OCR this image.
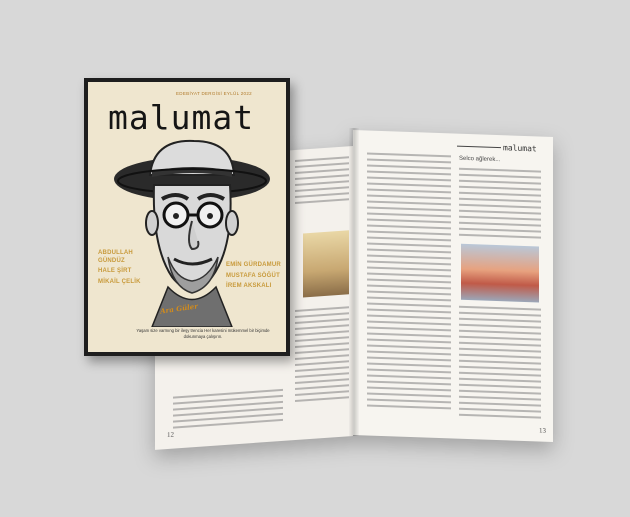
12
malumat
Selco ağlerek...
13
EDEBİYAT DERGİSİ EYLÜL 2022
malumat
ABDULLAH GÜNDÜZ
HALE ŞİRT
MİKAİL ÇELİK
EMİN GÜRDAMUR
MUSTAFA SÖĞÜT
İREM AKSKALI
Ara Güler
Yaşam size varmıng bir ileşy trencia Her karesini mükemmel bir biçimde dokunmaya çalışırın.
